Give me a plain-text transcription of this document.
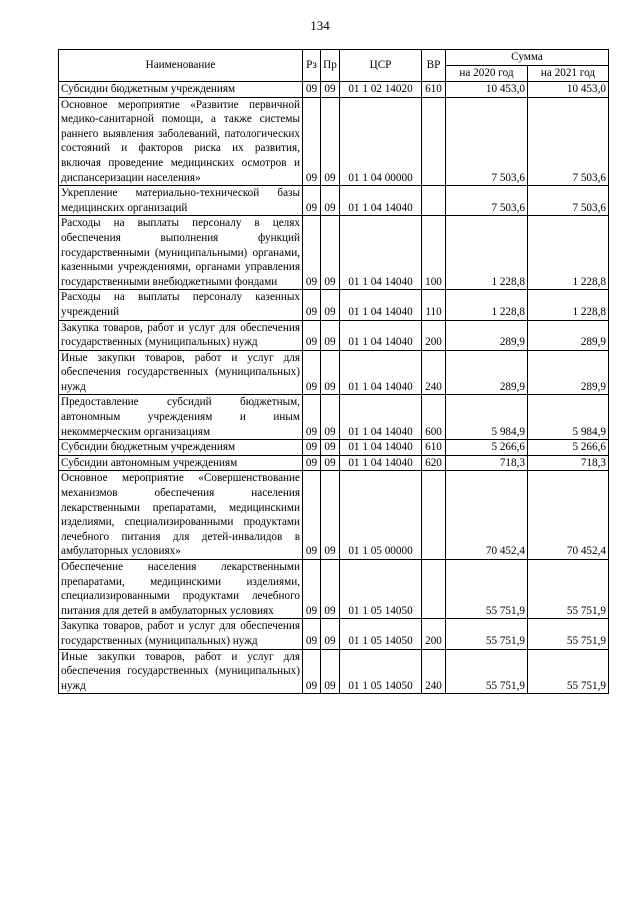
134
Наименование	Рз	Пр	ЦСР	ВР	Сумма	
					на 2020 год	на 2021 год
Субсидии бюджетным учреждениям	09	09	01 1 02 14020	610	10 453,0	10 453,0
Основное мероприятие «Развитие первичной медико-санитарной помощи, а также системы раннего выявления заболеваний, патологических состояний и факторов риска их развития, включая проведение медицинских осмотров и диспансеризации населения»	09	09	01 1 04 00000		7 503,6	7 503,6
Укрепление материально-технической базы медицинских организаций	09	09	01 1 04 14040		7 503,6	7 503,6
Расходы на выплаты персоналу в целях обеспечения выполнения функций государственными (муниципальными) органами, казенными учреждениями, органами управления государственными внебюджетными фондами	09	09	01 1 04 14040	100	1 228,8	1 228,8
Расходы на выплаты персоналу казенных учреждений	09	09	01 1 04 14040	110	1 228,8	1 228,8
Закупка товаров, работ и услуг для обеспечения государственных (муниципальных) нужд	09	09	01 1 04 14040	200	289,9	289,9
Иные закупки товаров, работ и услуг для обеспечения государственных (муниципальных) нужд	09	09	01 1 04 14040	240	289,9	289,9
Предоставление субсидий бюджетным, автономным учреждениям и иным некоммерческим организациям	09	09	01 1 04 14040	600	5 984,9	5 984,9
Субсидии бюджетным учреждениям	09	09	01 1 04 14040	610	5 266,6	5 266,6
Субсидии автономным учреждениям	09	09	01 1 04 14040	620	718,3	718,3
Основное мероприятие «Совершенствование механизмов обеспечения населения лекарственными препаратами, медицинскими изделиями, специализированными продуктами лечебного питания для детей-инвалидов в амбулаторных условиях»	09	09	01 1 05 00000		70 452,4	70 452,4
Обеспечение населения лекарственными препаратами, медицинскими изделиями, специализированными продуктами лечебного питания для детей в амбулаторных условиях	09	09	01 1 05 14050		55 751,9	55 751,9
Закупка товаров, работ и услуг для обеспечения государственных (муниципальных) нужд	09	09	01 1 05 14050	200	55 751,9	55 751,9
Иные закупки товаров, работ и услуг для обеспечения государственных (муниципальных) нужд	09	09	01 1 05 14050	240	55 751,9	55 751,9
